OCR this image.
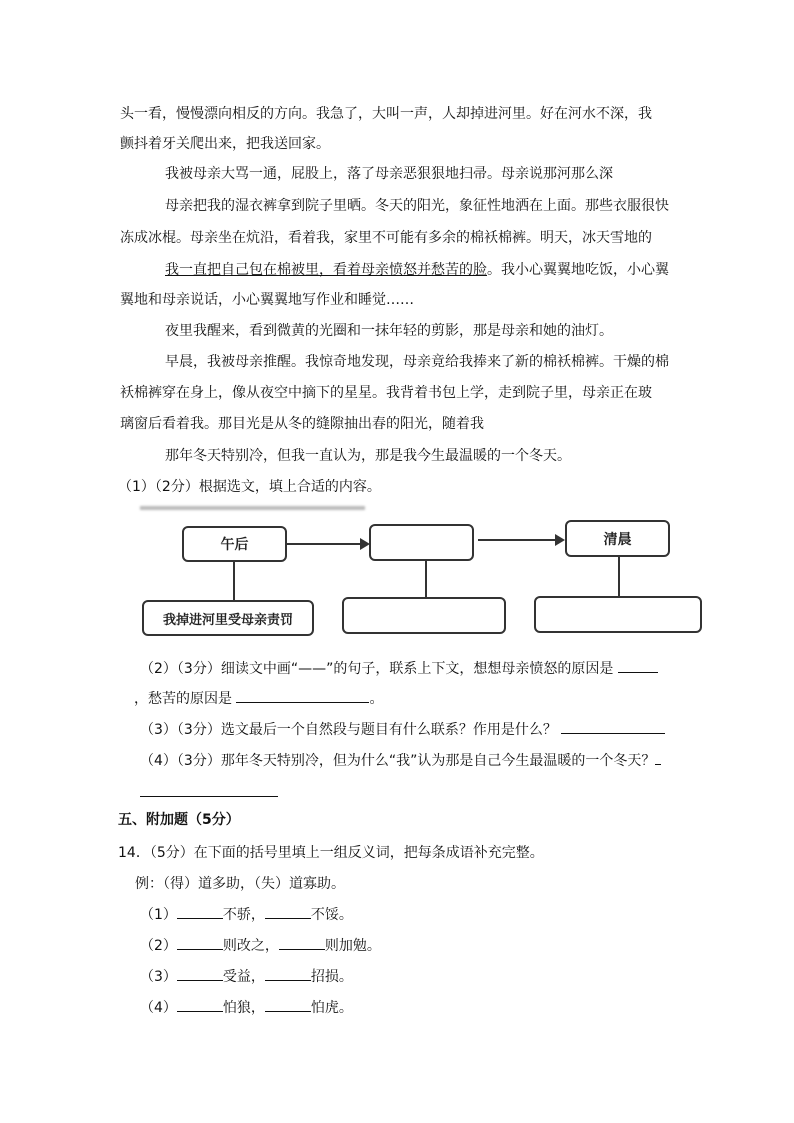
头一看，慢慢漂向相反的方向。我急了，大叫一声，人却掉进河里。好在河水不深，我
颤抖着牙关爬出来，把我送回家。
我被母亲大骂一通，屁股上，落了母亲恶狠狠地扫帚。母亲说那河那么深
母亲把我的湿衣裤拿到院子里晒。冬天的阳光，象征性地洒在上面。那些衣服很快
冻成冰棍。母亲坐在炕沿，看着我，家里不可能有多余的棉袄棉裤。明天，冰天雪地的
我一直把自己包在棉被里，看着母亲愤怒并愁苦的脸。我小心翼翼地吃饭，小心翼
翼地和母亲说话，小心翼翼地写作业和睡觉……
夜里我醒来，看到微黄的光圈和一抹年轻的剪影，那是母亲和她的油灯。
早晨，我被母亲推醒。我惊奇地发现，母亲竟给我捧来了新的棉袄棉裤。干燥的棉
袄棉裤穿在身上，像从夜空中摘下的星星。我背着书包上学，走到院子里，母亲正在玻
璃窗后看着我。那目光是从冬的缝隙抽出春的阳光，随着我
那年冬天特别冷，但我一直认为，那是我今生最温暖的一个冬天。
（1）（2分）根据选文，填上合适的内容。
午后	清晨
我掉进河里受母亲责罚
（2）（3分）细读文中画“——”的句子，联系上下文，想想母亲愤怒的原因是
，愁苦的原因是	。
（3）（3分）选文最后一个自然段与题目有什么联系？作用是什么？
（4）（3分）那年冬天特别冷，但为什么“我”认为那是自己今生最温暖的一个冬天？
五、附加题（5分）
14．（5分）在下面的括号里填上一组反义词，把每条成语补充完整。
例：（得）道多助，（失）道寡助。
（1）	不骄，	不馁。
（2）	则改之，	则加勉。
（3）	受益，	招损。
（4）	怕狼，	怕虎。
